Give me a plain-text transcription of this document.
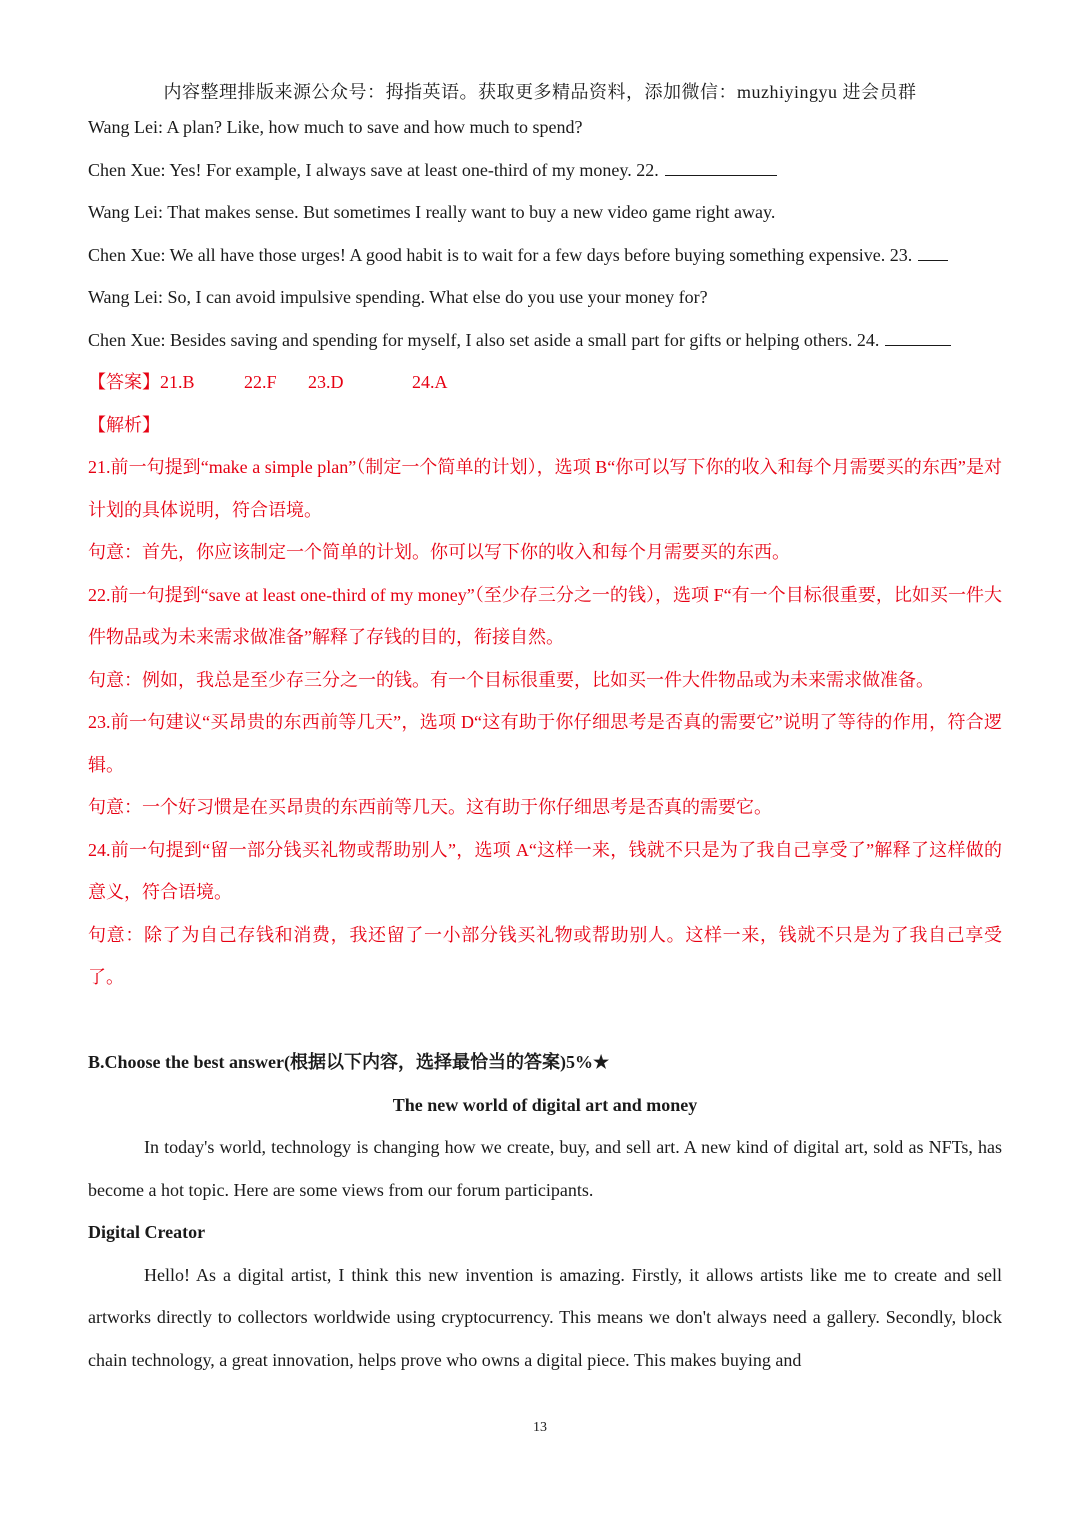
内容整理排版来源公众号：拇指英语。获取更多精品资料，添加微信：muzhiyingyu 进会员群
Wang Lei: A plan? Like, how much to save and how much to spend?
Chen Xue: Yes! For example, I always save at least one-third of my money. 22.
Wang Lei: That makes sense. But sometimes I really want to buy a new video game right away.
Chen Xue: We all have those urges! A good habit is to wait for a few days before buying something expensive. 23.
Wang Lei: So, I can avoid impulsive spending. What else do you use your money for?
Chen Xue: Besides saving and spending for myself, I also set aside a small part for gifts or helping others. 24.
【答案】21.B	22.F 23.D	24.A
【解析】
21.前一句提到“make a simple plan”（制定一个简单的计划），选项 B“你可以写下你的收入和每个月需要买的东西”是对计划的具体说明，符合语境。
句意：首先，你应该制定一个简单的计划。你可以写下你的收入和每个月需要买的东西。
22.前一句提到“save at least one-third of my money”（至少存三分之一的钱），选项 F“有一个目标很重要，比如买一件大件物品或为未来需求做准备”解释了存钱的目的，衔接自然。
句意：例如，我总是至少存三分之一的钱。有一个目标很重要，比如买一件大件物品或为未来需求做准备。
23.前一句建议“买昂贵的东西前等几天”，选项 D“这有助于你仔细思考是否真的需要它”说明了等待的作用，符合逻辑。
句意：一个好习惯是在买昂贵的东西前等几天。这有助于你仔细思考是否真的需要它。
24.前一句提到“留一部分钱买礼物或帮助别人”，选项 A“这样一来，钱就不只是为了我自己享受了”解释了这样做的意义，符合语境。
句意：除了为自己存钱和消费，我还留了一小部分钱买礼物或帮助别人。这样一来，钱就不只是为了我自己享受了。
B.Choose the best answer(根据以下内容，选择最恰当的答案)5%★
The new world of digital art and money
In today's world, technology is changing how we create, buy, and sell art. A new kind of digital art, sold as NFTs, has become a hot topic. Here are some views from our forum participants.
Digital Creator
Hello! As a digital artist, I think this new invention is amazing. Firstly, it allows artists like me to create and sell artworks directly to collectors worldwide using cryptocurrency. This means we don't always need a gallery. Secondly, block chain technology, a great innovation, helps prove who owns a digital piece. This makes buying and
13
